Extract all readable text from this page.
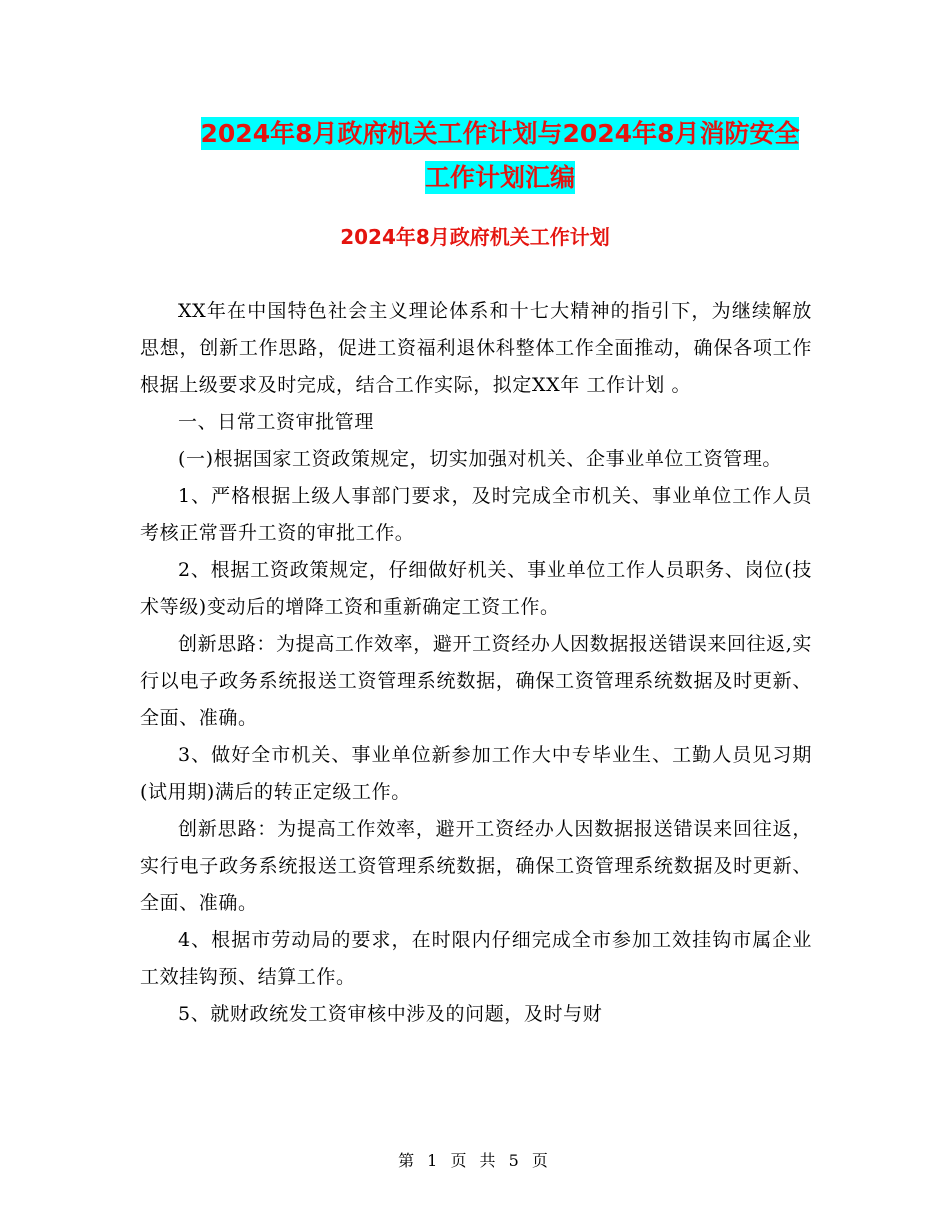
2024年8月政府机关工作计划与2024年8月消防安全
工作计划汇编
2024年8月政府机关工作计划

XX年在中国特色社会主义理论体系和十七大精神的指引下，为继续解放思想，创新工作思路，促进工资福利退休科整体工作全面推动，确保各项工作根据上级要求及时完成，结合工作实际，拟定XX年 工作计划 。

一、日常工资审批管理

(一)根据国家工资政策规定，切实加强对机关、企事业单位工资管理。

1、严格根据上级人事部门要求，及时完成全市机关、事业单位工作人员考核正常晋升工资的审批工作。

2、根据工资政策规定，仔细做好机关、事业单位工作人员职务、岗位(技术等级)变动后的增降工资和重新确定工资工作。

创新思路：为提高工作效率，避开工资经办人因数据报送错误来回往返,实行以电子政务系统报送工资管理系统数据，确保工资管理系统数据及时更新、全面、准确。

3、做好全市机关、事业单位新参加工作大中专毕业生、工勤人员见习期(试用期)满后的转正定级工作。

创新思路：为提高工作效率，避开工资经办人因数据报送错误来回往返，实行电子政务系统报送工资管理系统数据，确保工资管理系统数据及时更新、全面、准确。

4、根据市劳动局的要求，在时限内仔细完成全市参加工效挂钩市属企业工效挂钩预、结算工作。

5、就财政统发工资审核中涉及的问题，及时与财

第 1 页 共 5 页
